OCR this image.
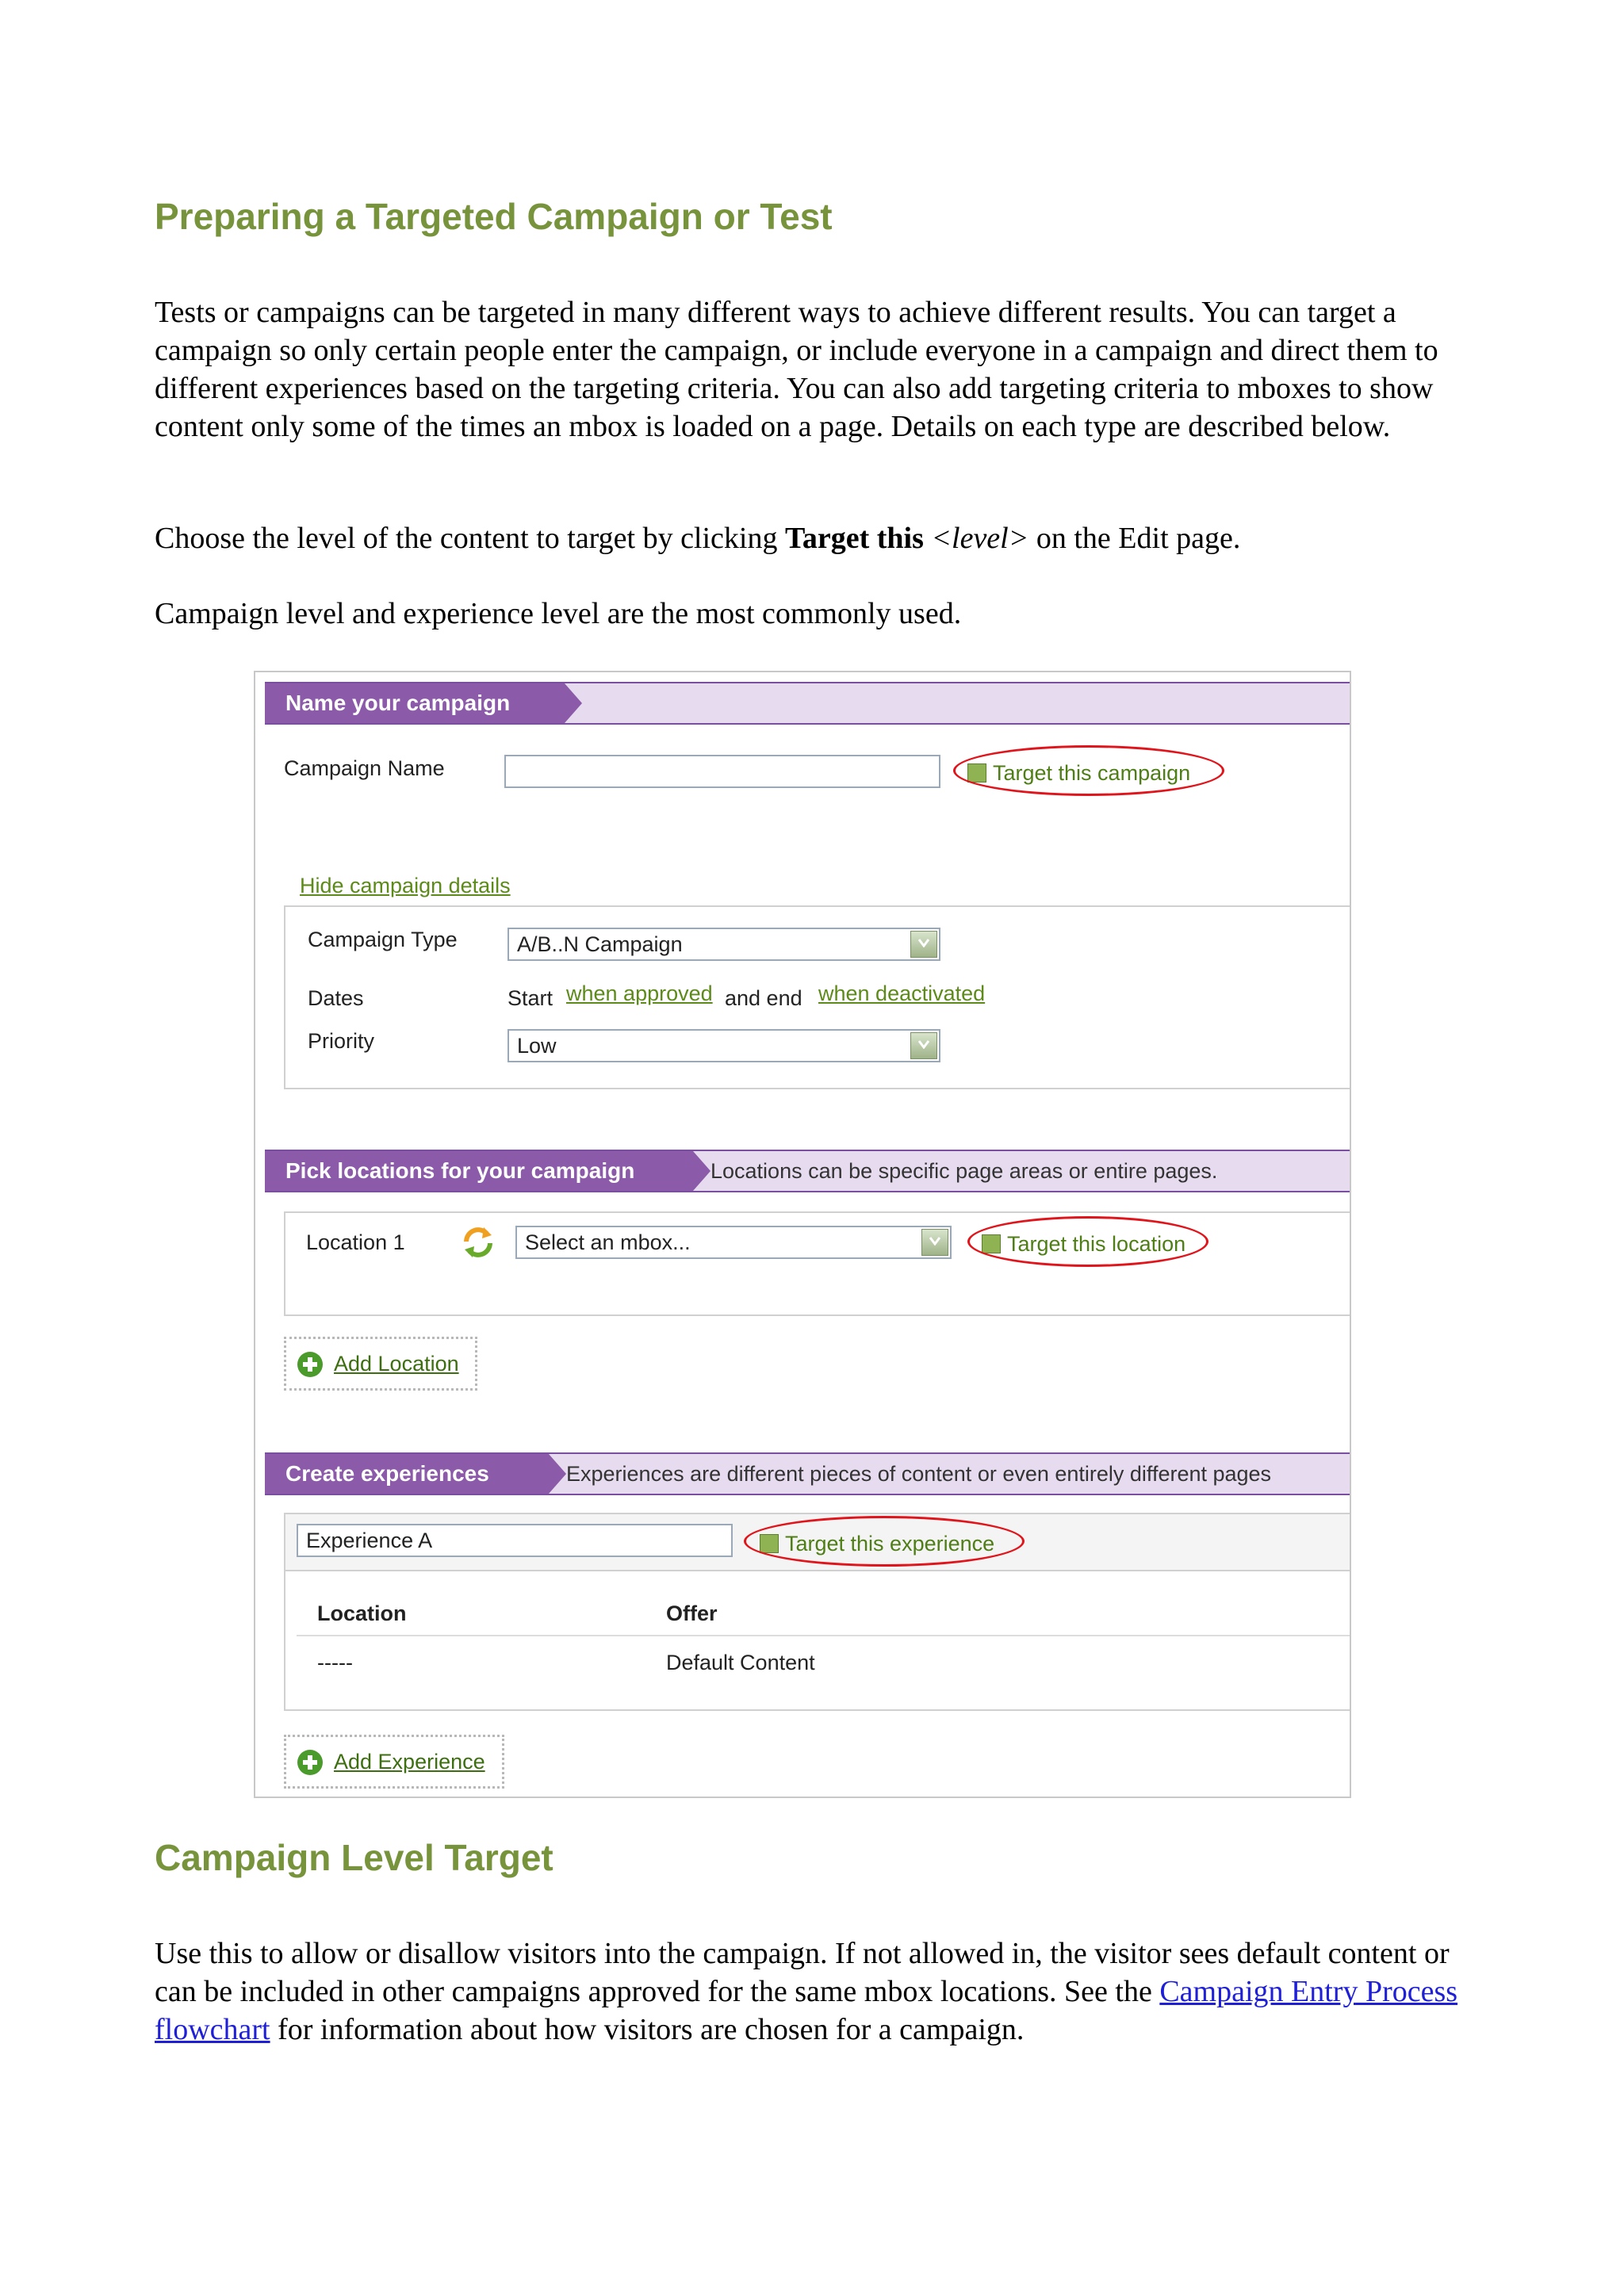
Preparing a Targeted Campaign or Test

Tests or campaigns can be targeted in many different ways to achieve different results. You can target a campaign so only certain people enter the campaign, or include everyone in a campaign and direct them to different experiences based on the targeting criteria. You can also add targeting criteria to mboxes to show content only some of the times an mbox is loaded on a page. Details on each type are described below.

Choose the level of the content to target by clicking Target this <level> on the Edit page.

Campaign level and experience level are the most commonly used.

Name your campaign
Campaign Name	Target this campaign
Hide campaign details
Campaign Type	A/B..N Campaign
Dates	Start when approved and end when deactivated
Priority	Low
Pick locations for your campaign	Locations can be specific page areas or entire pages.
Location 1	Select an mbox...	Target this location
Add Location
Create experiences	Experiences are different pieces of content or even entirely different pages
Experience A	Target this experience
Location	Offer
-----	Default Content
Add Experience
Campaign Level Target

Use this to allow or disallow visitors into the campaign. If not allowed in, the visitor sees default content or can be included in other campaigns approved for the same mbox locations. See the Campaign Entry Process flowchart for information about how visitors are chosen for a campaign.
